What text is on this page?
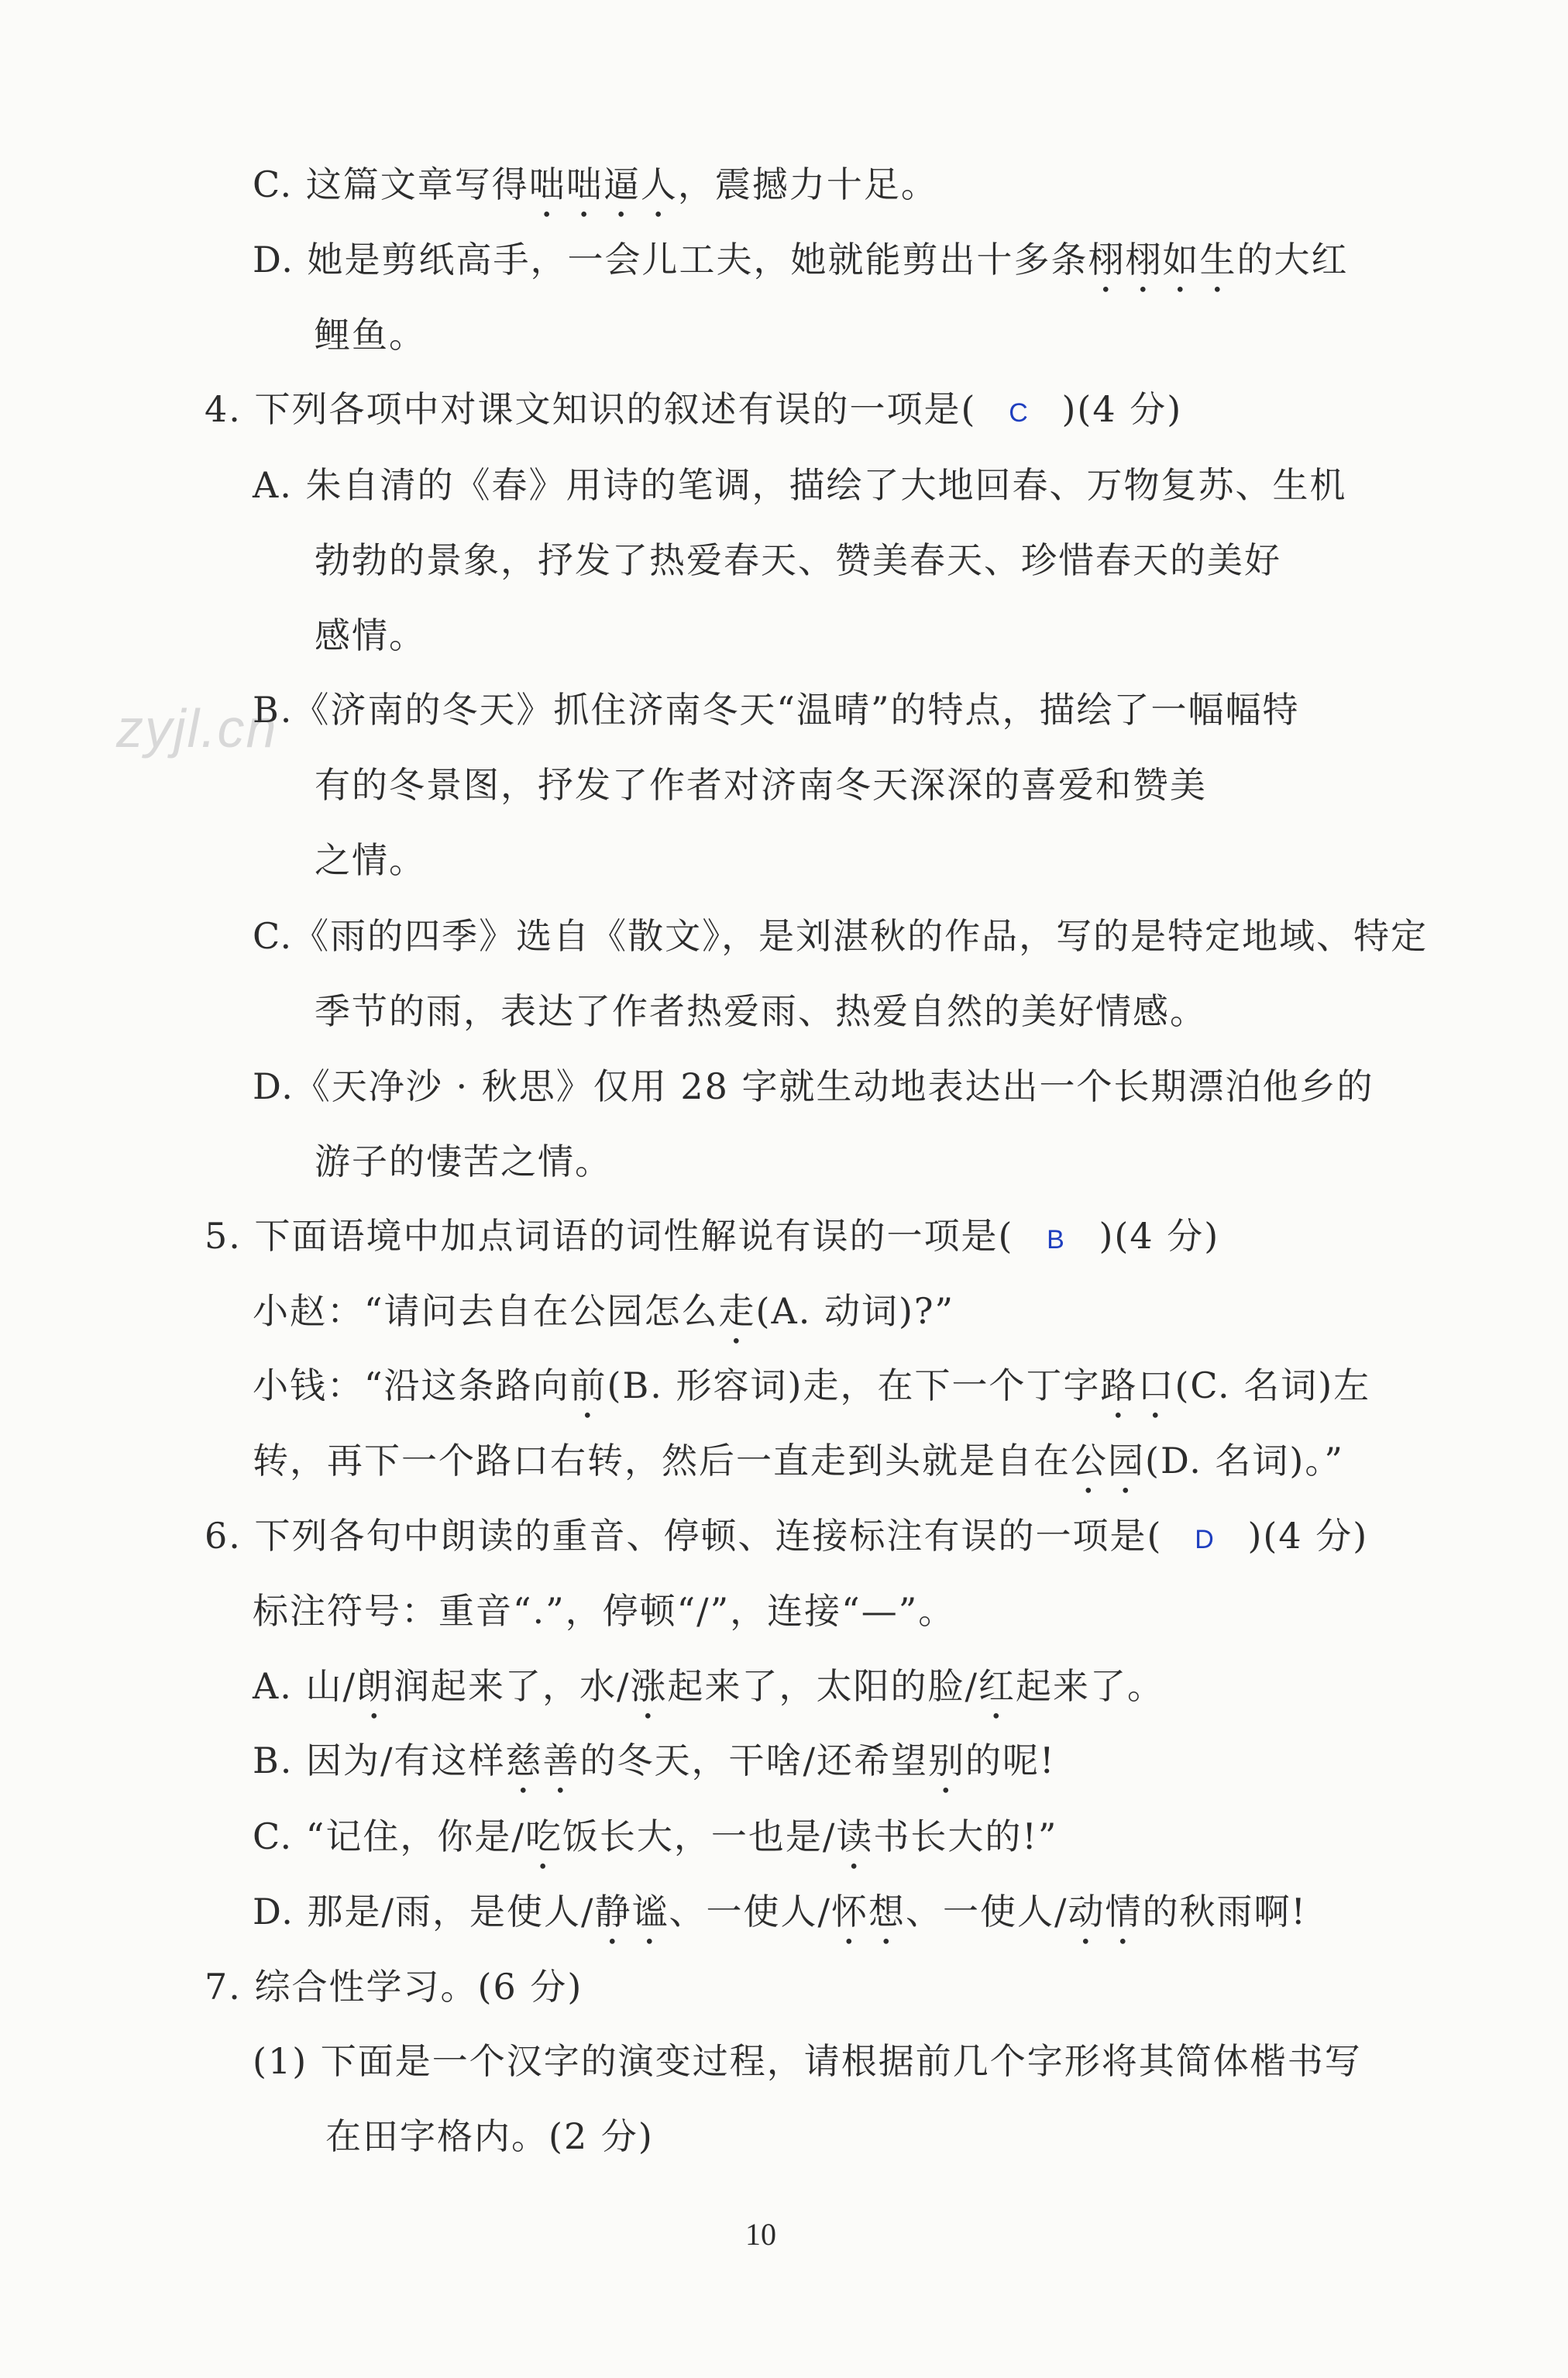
zyjl.cn
C. 这篇文章写得咄咄逼人，震撼力十足。
D. 她是剪纸高手，一会儿工夫，她就能剪出十多条栩栩如生的大红
鲤鱼。
4. 下列各项中对课文知识的叙述有误的一项是( C )(4 分)
A. 朱自清的《春》用诗的笔调，描绘了大地回春、万物复苏、生机
勃勃的景象，抒发了热爱春天、赞美春天、珍惜春天的美好
感情。
B.《济南的冬天》抓住济南冬天“温晴”的特点，描绘了一幅幅特
有的冬景图，抒发了作者对济南冬天深深的喜爱和赞美
之情。
C.《雨的四季》选自《散文》，是刘湛秋的作品，写的是特定地域、特定
季节的雨，表达了作者热爱雨、热爱自然的美好情感。
D.《天净沙 · 秋思》仅用 28 字就生动地表达出一个长期漂泊他乡的
游子的悽苦之情。
5. 下面语境中加点词语的词性解说有误的一项是( B )(4 分)
小赵：“请问去自在公园怎么走(A. 动词)?”
小钱：“沿这条路向前(B. 形容词)走，在下一个丁字路口(C. 名词)左
转，再下一个路口右转，然后一直走到头就是自在公园(D. 名词)。”
6. 下列各句中朗读的重音、停顿、连接标注有误的一项是( D )(4 分)
标注符号：重音“.”，停顿“/”，连接“—”。
A. 山/朗润起来了，水/涨起来了，太阳的脸/红起来了。
B. 因为/有这样慈善的冬天，干啥/还希望别的呢!
C. “记住，你是/吃饭长大，一也是/读书长大的!”
D. 那是/雨，是使人/静谧、一使人/怀想、一使人/动情的秋雨啊!
7. 综合性学习。(6 分)
(1) 下面是一个汉字的演变过程，请根据前几个字形将其简体楷书写
在田字格内。(2 分)
10
